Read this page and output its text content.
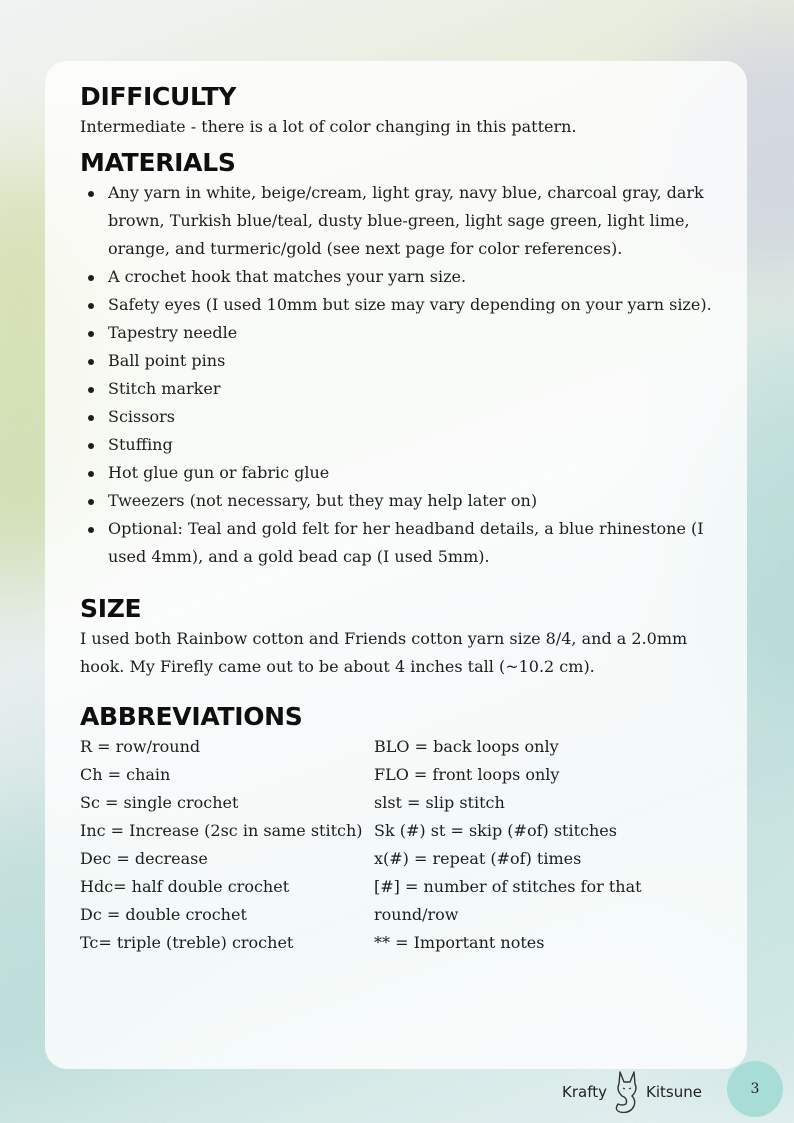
DIFFICULTY

Intermediate - there is a lot of color changing in this pattern.

MATERIALS
Any yarn in white, beige/cream, light gray, navy blue, charcoal gray, dark brown, Turkish blue/teal, dusty blue-green, light sage green, light lime, orange, and turmeric/gold (see next page for color references).
A crochet hook that matches your yarn size.
Safety eyes (I used 10mm but size may vary depending on your yarn size).
Tapestry needle
Ball point pins
Stitch marker
Scissors
Stuffing
Hot glue gun or fabric glue
Tweezers (not necessary, but they may help later on)
Optional: Teal and gold felt for her headband details, a blue rhinestone (I used 4mm), and a gold bead cap (I used 5mm).
SIZE

I used both Rainbow cotton and Friends cotton yarn size 8/4, and a 2.0mm hook. My Firefly came out to be about 4 inches tall (~10.2 cm).

ABBREVIATIONS
R = row/round
Ch = chain
Sc = single crochet
Inc = Increase (2sc in same stitch)
Dec = decrease
Hdc= half double crochet
Dc = double crochet
Tc= triple (treble) crochet
BLO = back loops only
FLO = front loops only
slst = slip stitch
Sk (#) st = skip (#of) stitches
x(#) = repeat (#of) times
[#] = number of stitches for that round/row
** = Important notes
Krafty	Kitsune	3
